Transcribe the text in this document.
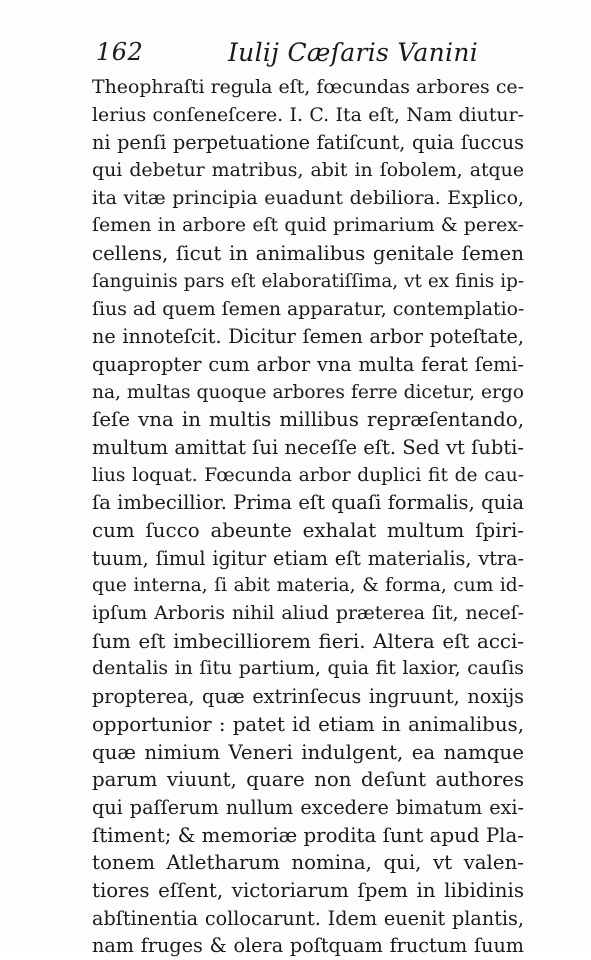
162	Iulij Cæſaris Vanini
Theophraſti regula eſt, fœcundas arbores ce-
lerius conſeneſcere. I. C. Ita eſt, Nam diutur-
ni penſi perpetuatione fatiſcunt, quia ſuccus
qui debetur matribus, abit in ſobolem, atque
ita vitæ principia euadunt debiliora. Explico,
ſemen in arbore eſt quid primarium & perex-
cellens, ſicut in animalibus genitale ſemen
ſanguinis pars eſt elaboratiſſima, vt ex finis ip-
ſius ad quem ſemen apparatur, contemplatio-
ne innoteſcit. Dicitur ſemen arbor poteſtate,
quapropter cum arbor vna multa ferat ſemi-
na, multas quoque arbores ferre dicetur, ergo
ſeſe vna in multis millibus repræſentando,
multum amittat ſui neceſſe eſt. Sed vt ſubti-
lius loquat. Fœcunda arbor duplici fit de cau-
ſa imbecillior. Prima eſt quaſi formalis, quia
cum ſucco abeunte exhalat multum ſpiri-
tuum, ſimul igitur etiam eſt materialis, vtra-
que interna, ſi abit materia, & forma, cum id-
ipſum Arboris nihil aliud præterea ſit, neceſ-
ſum eſt imbecilliorem fieri. Altera eſt acci-
dentalis in ſitu partium, quia fit laxior, cauſis
propterea, quæ extrinſecus ingruunt, noxijs
opportunior : patet id etiam in animalibus,
quæ nimium Veneri indulgent, ea namque
parum viuunt, quare non deſunt authores
qui paſſerum nullum excedere bimatum exi-
ſtiment; & memoriæ prodita ſunt apud Pla-
tonem Atletharum nomina, qui, vt valen-
tiores eſſent, victoriarum ſpem in libidinis
abſtinentia collocarunt. Idem euenit plantis,
nam fruges & olera poſtquam fructum ſuum
